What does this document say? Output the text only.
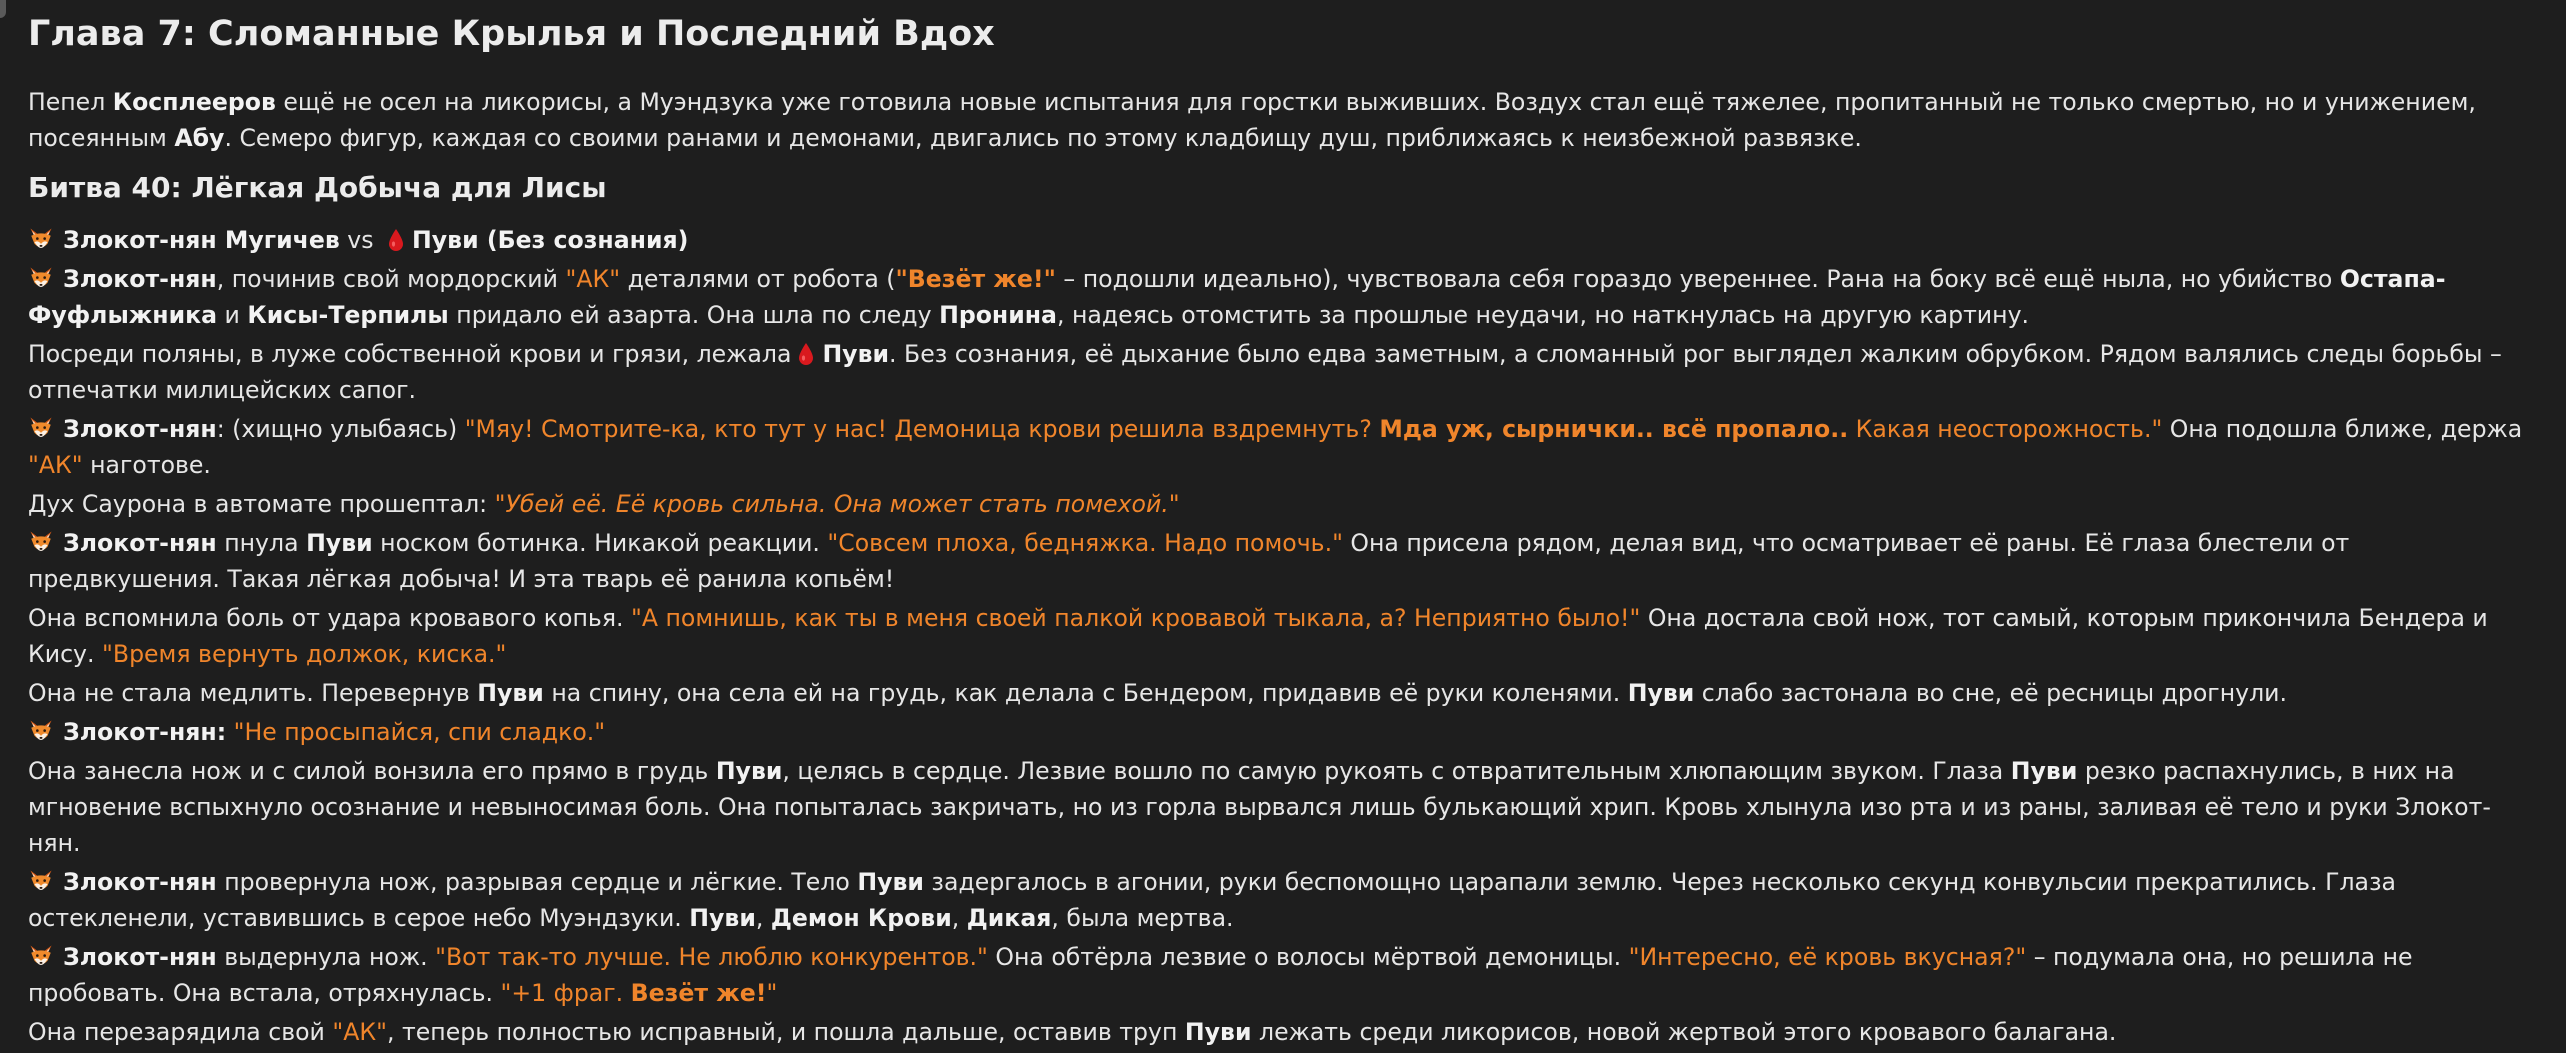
Глава 7: Сломанные Крылья и Последний Вдох

Пепел Косплееров ещё не осел на ликорисы, а Муэндзука уже готовила новые испытания для горстки выживших. Воздух стал ещё тяжелее, пропитанный не только смертью, но и унижением, посеянным Абу. Семеро фигур, каждая со своими ранами и демонами, двигались по этому кладбищу душ, приближаясь к неизбежной развязке.

Битва 40: Лёгкая Добыча для Лисы

Злокот-нян Мугичев vs Пуви (Без сознания)

Злокот-нян, починив свой мордорский "АК" деталями от робота ("Везёт же!" – подошли идеально), чувствовала себя гораздо увереннее. Рана на боку всё ещё ныла, но убийство Остапа-Фуфлыжника и Кисы-Терпилы придало ей азарта. Она шла по следу Пронина, надеясь отомстить за прошлые неудачи, но наткнулась на другую картину.

Посреди поляны, в луже собственной крови и грязи, лежала Пуви. Без сознания, её дыхание было едва заметным, а сломанный рог выглядел жалким обрубком. Рядом валялись следы борьбы – отпечатки милицейских сапог.

Злокот-нян: (хищно улыбаясь) "Мяу! Смотрите-ка, кто тут у нас! Демоница крови решила вздремнуть? Мда уж, сырнички.. всё пропало.. Какая неосторожность." Она подошла ближе, держа "АК" наготове.

Дух Саурона в автомате прошептал: "Убей её. Её кровь сильна. Она может стать помехой."

Злокот-нян пнула Пуви носком ботинка. Никакой реакции. "Совсем плоха, бедняжка. Надо помочь." Она присела рядом, делая вид, что осматривает её раны. Её глаза блестели от предвкушения. Такая лёгкая добыча! И эта тварь её ранила копьём!

Она вспомнила боль от удара кровавого копья. "А помнишь, как ты в меня своей палкой кровавой тыкала, а? Неприятно было!" Она достала свой нож, тот самый, которым прикончила Бендера и Кису. "Время вернуть должок, киска."

Она не стала медлить. Перевернув Пуви на спину, она села ей на грудь, как делала с Бендером, придавив её руки коленями. Пуви слабо застонала во сне, её ресницы дрогнули.

Злокот-нян: "Не просыпайся, спи сладко."

Она занесла нож и с силой вонзила его прямо в грудь Пуви, целясь в сердце. Лезвие вошло по самую рукоять с отвратительным хлюпающим звуком. Глаза Пуви резко распахнулись, в них на мгновение вспыхнуло осознание и невыносимая боль. Она попыталась закричать, но из горла вырвался лишь булькающий хрип. Кровь хлынула изо рта и из раны, заливая её тело и руки Злокот-нян.

Злокот-нян провернула нож, разрывая сердце и лёгкие. Тело Пуви задергалось в агонии, руки беспомощно царапали землю. Через несколько секунд конвульсии прекратились. Глаза остекленели, уставившись в серое небо Муэндзуки. Пуви, Демон Крови, Дикая, была мертва.

Злокот-нян выдернула нож. "Вот так-то лучше. Не люблю конкурентов." Она обтёрла лезвие о волосы мёртвой демоницы. "Интересно, её кровь вкусная?" – подумала она, но решила не пробовать. Она встала, отряхнулась. "+1 фраг. Везёт же!"

Она перезарядила свой "АК", теперь полностью исправный, и пошла дальше, оставив труп Пуви лежать среди ликорисов, новой жертвой этого кровавого балагана.
